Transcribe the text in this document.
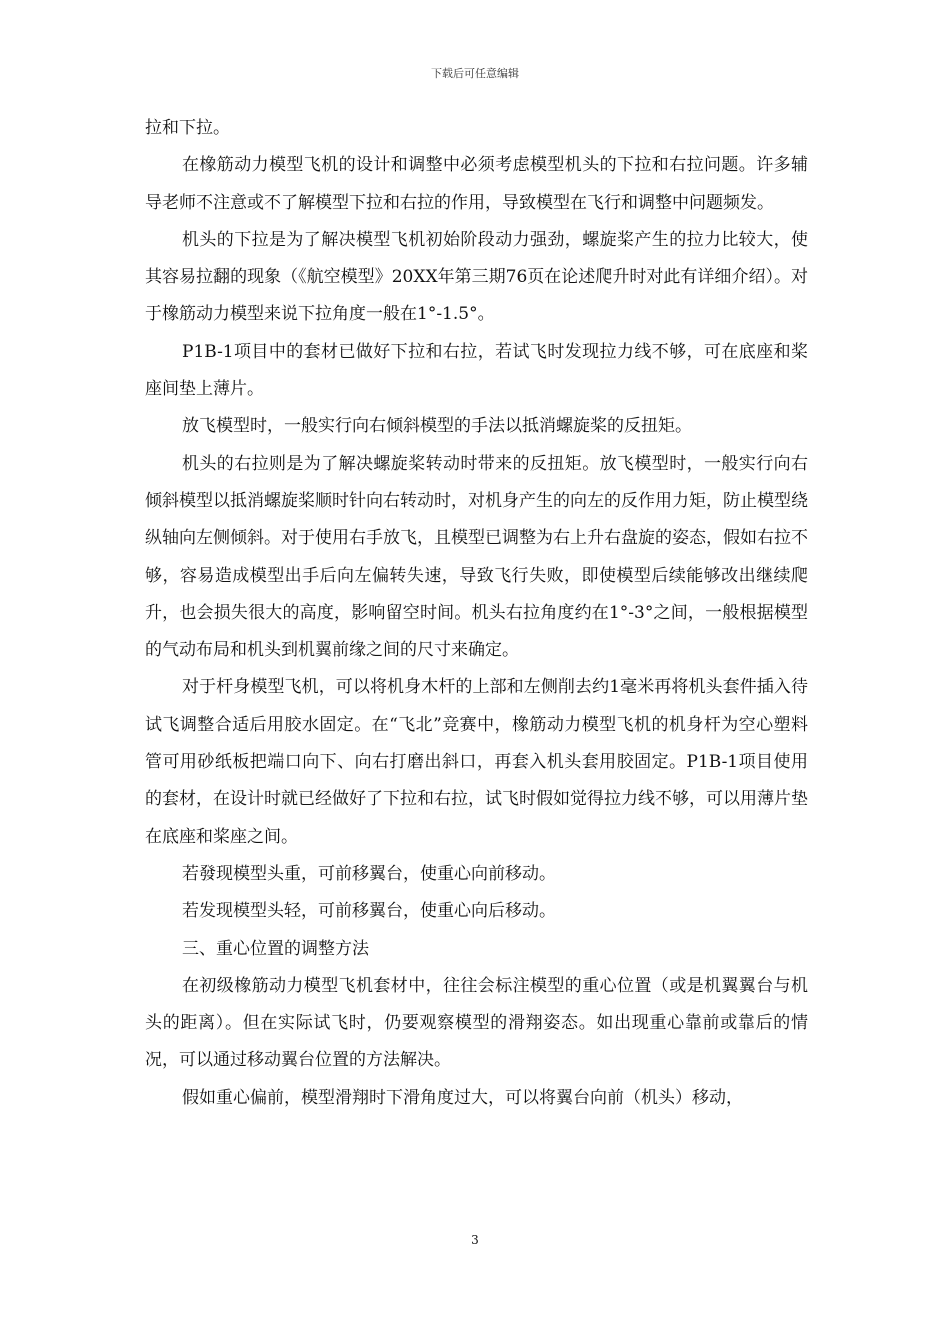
下载后可任意编辑

拉和下拉。

在橡筋动力模型飞机的设计和调整中必须考虑模型机头的下拉和右拉问题。许多辅导老师不注意或不了解模型下拉和右拉的作用，导致模型在飞行和调整中问题频发。

机头的下拉是为了解决模型飞机初始阶段动力强劲，螺旋桨产生的拉力比较大，使其容易拉翻的现象（《航空模型》20XX年第三期76页在论述爬升时对此有详细介绍）。对于橡筋动力模型来说下拉角度一般在1°-1.5°。

P1B-1项目中的套材已做好下拉和右拉，若试飞时发现拉力线不够，可在底座和桨座间垫上薄片。

放飞模型时，一般实行向右倾斜模型的手法以抵消螺旋桨的反扭矩。

机头的右拉则是为了解决螺旋桨转动时带来的反扭矩。放飞模型时，一般实行向右倾斜模型以抵消螺旋桨顺时针向右转动时，对机身产生的向左的反作用力矩，防止模型绕纵轴向左侧倾斜。对于使用右手放飞，且模型已调整为右上升右盘旋的姿态，假如右拉不够，容易造成模型出手后向左偏转失速，导致飞行失败，即使模型后续能够改出继续爬升，也会损失很大的高度，影响留空时间。机头右拉角度约在1°-3°之间，一般根据模型的气动布局和机头到机翼前缘之间的尺寸来确定。

对于杆身模型飞机，可以将机身木杆的上部和左侧削去约1毫米再将机头套件插入待试飞调整合适后用胶水固定。在“飞北”竞赛中，橡筋动力模型飞机的机身杆为空心塑料管可用砂纸板把端口向下、向右打磨出斜口，再套入机头套用胶固定。P1B-1项目使用的套材，在设计时就已经做好了下拉和右拉，试飞时假如觉得拉力线不够，可以用薄片垫在底座和桨座之间。

若發现模型头重，可前移翼台，使重心向前移动。

若发现模型头轻，可前移翼台，使重心向后移动。

三、重心位置的调整方法

在初级橡筋动力模型飞机套材中，往往会标注模型的重心位置（或是机翼翼台与机头的距离）。但在实际试飞时，仍要观察模型的滑翔姿态。如出现重心靠前或靠后的情况，可以通过移动翼台位置的方法解决。

假如重心偏前，模型滑翔时下滑角度过大，可以将翼台向前（机头）移动，

3
